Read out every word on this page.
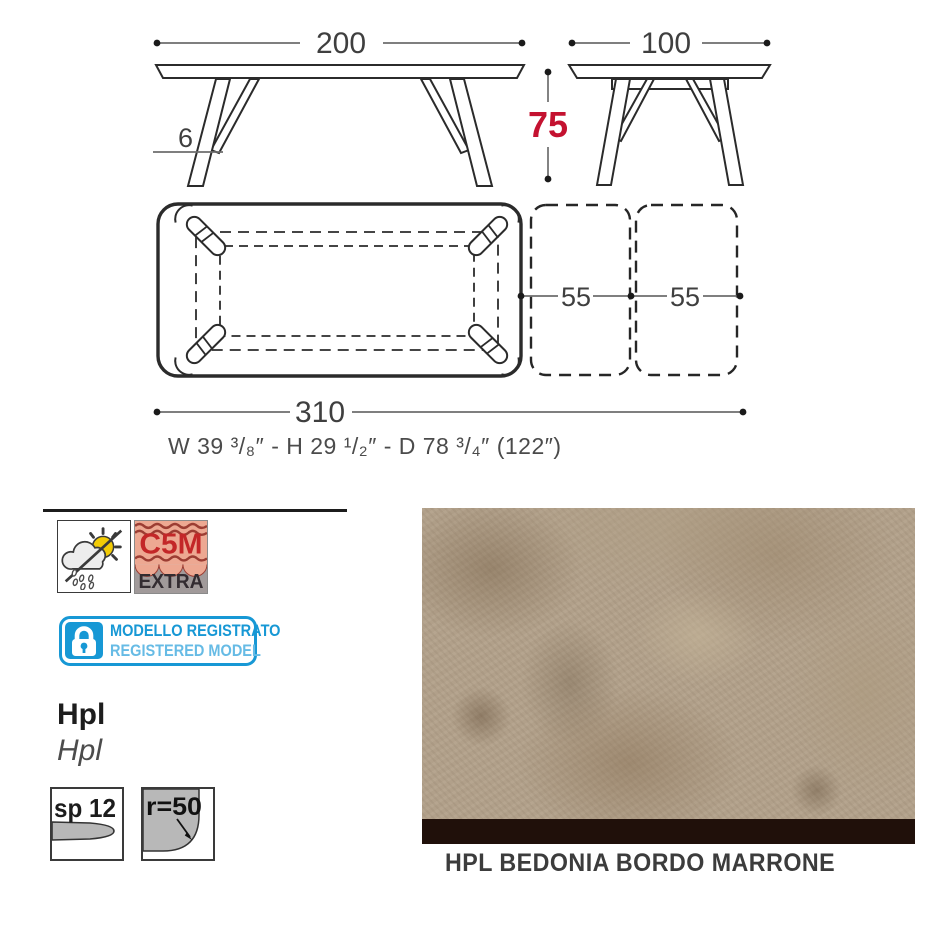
200
6
100
75
55	55
310
W 39 ³/₈″ - H 29 ¹/₂″ - D 78 ³/₄″ (122″)
C5M
EXTRA
MODELLO REGISTRATO
REGISTERED MODEL
Hpl
Hpl
sp 12 r=50
HPL BEDONIA BORDO MARRONE
